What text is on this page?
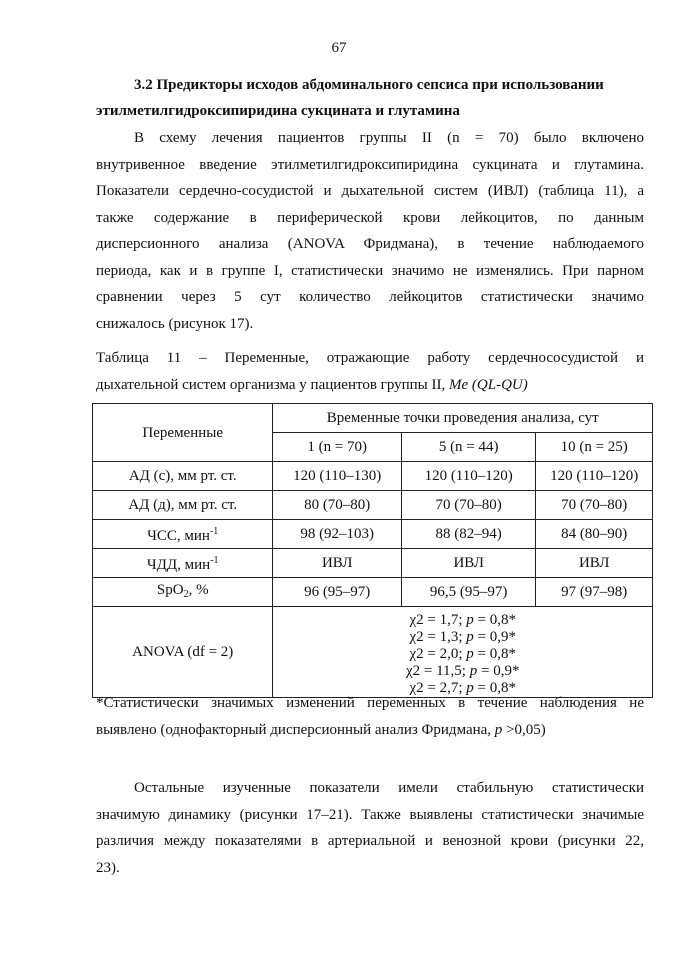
67
3.2 Предикторы исходов абдоминального сепсиса при использовании
этилметилгидроксипиридина сукцината и глутамина
В схему лечения пациентов группы II (n = 70) было включено
внутривенное введение этилметилгидроксипиридина сукцината и глутамина.
Показатели сердечно-сосудистой и дыхательной систем (ИВЛ) (таблица 11), а
также содержание в периферической крови лейкоцитов, по данным
дисперсионного анализа (ANOVA Фридмана), в течение наблюдаемого
периода, как и в группе I, статистически значимо не изменялись. При парном
сравнении через 5 сут количество лейкоцитов статистически значимо
снижалось (рисунок 17).
Таблица 11 – Переменные, отражающие работу сердечнососудистой и
дыхательной систем организма у пациентов группы II, Me (QL-QU)
Переменные	Временные точки проведения анализа, сут		
	1 (n = 70)	5 (n = 44)	10 (n = 25)
АД (с), мм рт. ст.	120 (110–130)	120 (110–120)	120 (110–120)
АД (д), мм рт. ст.	80 (70–80)	70 (70–80)	70 (70–80)
ЧСС, мин$^{-1}$	98 (92–103)	88 (82–94)	84 (80–90)
ЧДД, мин$^{-1}$	ИВЛ	ИВЛ	ИВЛ
SpO$_2$, %	96 (95–97)	96,5 (95–97)	97 (97–98)
ANOVA (df = 2)	χ2 = 1,7; p = 0,8*
χ2 = 1,3; p = 0,9*
χ2 = 2,0; p = 0,8*
χ2 = 11,5; p = 0,9*
χ2 = 2,7; p = 0,8*		
*Статистически значимых изменений переменных в течение наблюдения не
выявлено (однофакторный дисперсионный анализ Фридмана, p >0,05)
Остальные изученные показатели имели стабильную статистически
значимую динамику (рисунки 17–21). Также выявлены статистически значимые
различия между показателями в артериальной и венозной крови (рисунки 22,
23).
